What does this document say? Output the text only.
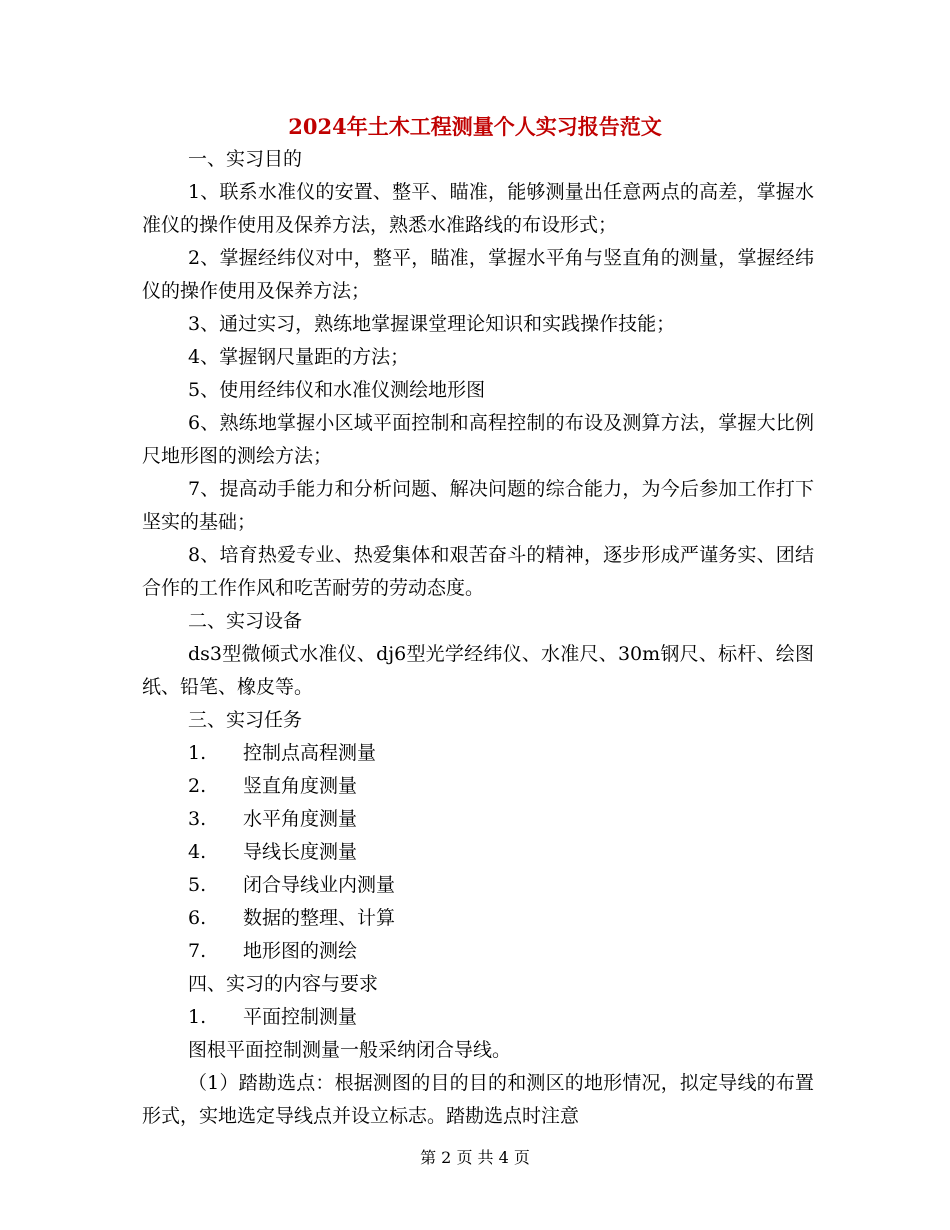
2024年土木工程测量个人实习报告范文

一、实习目的

1、联系水准仪的安置、整平、瞄准，能够测量出任意两点的高差，掌握水准仪的操作使用及保养方法，熟悉水准路线的布设形式；

2、掌握经纬仪对中，整平，瞄准，掌握水平角与竖直角的测量，掌握经纬仪的操作使用及保养方法；

3、通过实习，熟练地掌握课堂理论知识和实践操作技能；

4、掌握钢尺量距的方法；

5、使用经纬仪和水准仪测绘地形图

6、熟练地掌握小区域平面控制和高程控制的布设及测算方法，掌握大比例尺地形图的测绘方法；

7、提高动手能力和分析问题、解决问题的综合能力，为今后参加工作打下坚实的基础；

8、培育热爱专业、热爱集体和艰苦奋斗的精神，逐步形成严谨务实、团结合作的工作作风和吃苦耐劳的劳动态度。

二、实习设备

ds3型微倾式水准仪、dj6型光学经纬仪、水准尺、30m钢尺、标杆、绘图纸、铅笔、橡皮等。

三、实习任务

1. 控制点高程测量

2. 竖直角度测量

3. 水平角度测量

4. 导线长度测量

5. 闭合导线业内测量

6. 数据的整理、计算

7. 地形图的测绘

四、实习的内容与要求

1. 平面控制测量

图根平面控制测量一般采纳闭合导线。

（1）踏勘选点：根据测图的目的目的和测区的地形情况，拟定导线的布置形式，实地选定导线点并设立标志。踏勘选点时注意

第 2 页 共 4 页
